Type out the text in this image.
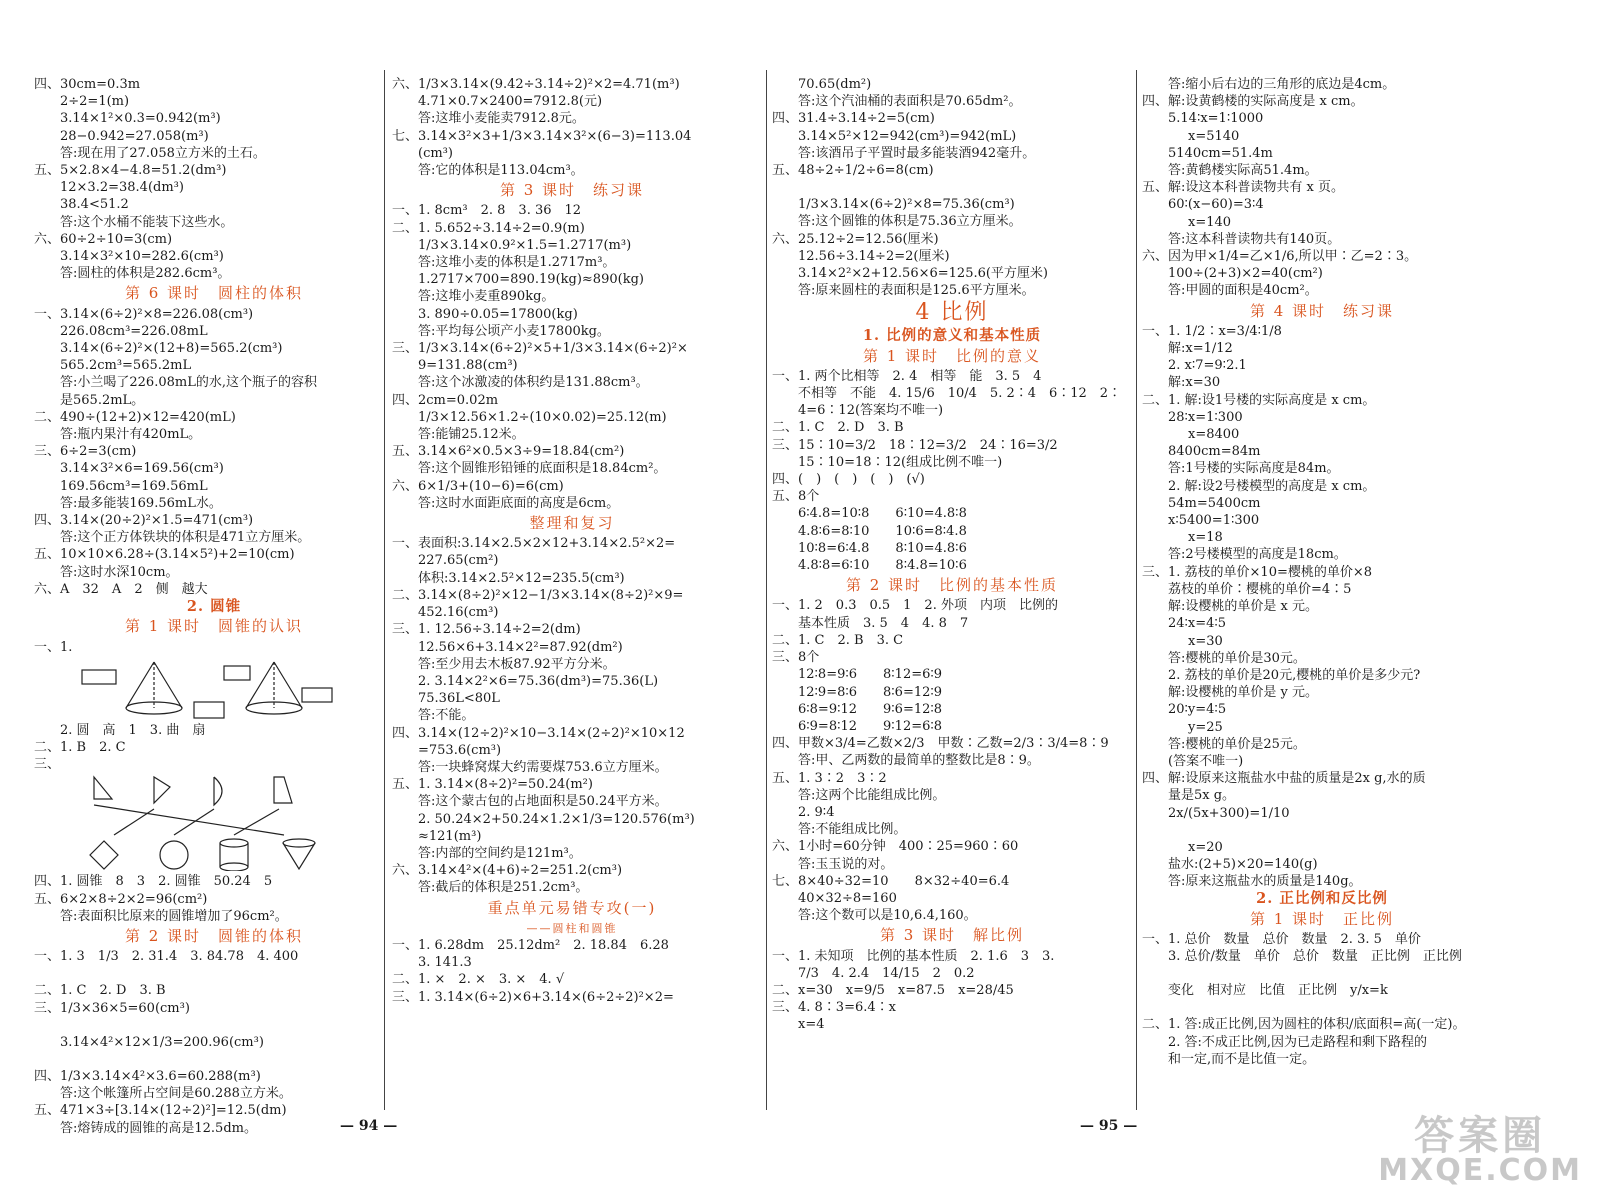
四、30cm=0.3m
2÷2=1(m)
3.14×1²×0.3=0.942(m³)
28−0.942=27.058(m³)
答:现在用了27.058立方米的土石。
五、5×2.8×4−4.8=51.2(dm³)
12×3.2=38.4(dm³)
38.4<51.2
答:这个水桶不能装下这些水。
六、60÷2÷10=3(cm)
3.14×3²×10=282.6(cm³)
答:圆柱的体积是282.6cm³。
第 6 课时　圆柱的体积
一、3.14×(6÷2)²×8=226.08(cm³)
226.08cm³=226.08mL
3.14×(6÷2)²×(12+8)=565.2(cm³)
565.2cm³=565.2mL
答:小兰喝了226.08mL的水,这个瓶子的容积
是565.2mL。
二、490÷(12+2)×12=420(mL)
答:瓶内果汁有420mL。
三、6÷2=3(cm)
3.14×3²×6=169.56(cm³)
169.56cm³=169.56mL
答:最多能装169.56mL水。
四、3.14×(20÷2)²×1.5=471(cm³)
答:这个正方体铁块的体积是471立方厘米。
五、10×10×6.28÷(3.14×5²)+2=10(cm)
答:这时水深10cm。
六、A　32　A　2　侧　越大
2. 圆锥
第 1 课时　圆锥的认识
一、1.
2. 圆　高　1　3. 曲　扇
二、1. B　2. C
三、
四、1. 圆锥　8　3　2. 圆锥　50.24　5
五、6×2×8÷2×2=96(cm²)
答:表面积比原来的圆锥增加了96cm²。
第 2 课时　圆锥的体积
一、1. 3　1/3　2. 31.4　3. 84.78　4. 400
二、1. C　2. D　3. B
三、1/3×36×5=60(cm³)
3.14×4²×12×1/3=200.96(cm³)
四、1/3×3.14×4²×3.6=60.288(m³)
答:这个帐篷所占空间是60.288立方米。
五、471×3÷[3.14×(12÷2)²]=12.5(dm)
答:熔铸成的圆锥的高是12.5dm。
六、1/3×3.14×(9.42÷3.14÷2)²×2=4.71(m³)
4.71×0.7×2400=7912.8(元)
答:这堆小麦能卖7912.8元。
七、3.14×3²×3+1/3×3.14×3²×(6−3)=113.04
(cm³)
答:它的体积是113.04cm³。
第 3 课时　练习课
一、1. 8cm³　2. 8　3. 36　12
二、1. 5.652÷3.14÷2=0.9(m)
1/3×3.14×0.9²×1.5=1.2717(m³)
答:这堆小麦的体积是1.2717m³。
1.2717×700=890.19(kg)≈890(kg)
答:这堆小麦重890kg。
3. 890÷0.05=17800(kg)
答:平均每公顷产小麦17800kg。
三、1/3×3.14×(6÷2)²×5+1/3×3.14×(6÷2)²×
9=131.88(cm³)
答:这个冰激凌的体积约是131.88cm³。
四、2cm=0.02m
1/3×12.56×1.2÷(10×0.02)=25.12(m)
答:能铺25.12米。
五、3.14×6²×0.5×3÷9=18.84(cm²)
答:这个圆锥形铅锤的底面积是18.84cm²。
六、6×1/3+(10−6)=6(cm)
答:这时水面距底面的高度是6cm。
整理和复习
一、表面积:3.14×2.5×2×12+3.14×2.5²×2=
227.65(cm²)
体积:3.14×2.5²×12=235.5(cm³)
二、3.14×(8÷2)²×12−1/3×3.14×(8÷2)²×9=
452.16(cm³)
三、1. 12.56÷3.14÷2=2(dm)
12.56×6+3.14×2²=87.92(dm²)
答:至少用去木板87.92平方分米。
2. 3.14×2²×6=75.36(dm³)=75.36(L)
75.36L<80L
答:不能。
四、3.14×(12÷2)²×10−3.14×(2÷2)²×10×12
=753.6(cm³)
答:一块蜂窝煤大约需要煤753.6立方厘米。
五、1. 3.14×(8÷2)²=50.24(m²)
答:这个蒙古包的占地面积是50.24平方米。
2. 50.24×2+50.24×1.2×1/3=120.576(m³)
≈121(m³)
答:内部的空间约是121m³。
六、3.14×4²×(4+6)÷2=251.2(cm³)
答:截后的体积是251.2cm³。
重点单元易错专攻(一)
——圆柱和圆锥
一、1. 6.28dm　25.12dm²　2. 18.84　6.28
3. 141.3
二、1. ×　2. ×　3. ×　4. √
三、1. 3.14×(6÷2)×6+3.14×(6÷2÷2)²×2=
70.65(dm²)
答:这个汽油桶的表面积是70.65dm²。
四、31.4÷3.14÷2=5(cm)
3.14×5²×12=942(cm³)=942(mL)
答:该酒吊子平置时最多能装酒942毫升。
五、48÷2÷1/2÷6=8(cm)
1/3×3.14×(6÷2)²×8=75.36(cm³)
答:这个圆锥的体积是75.36立方厘米。
六、25.12÷2=12.56(厘米)
12.56÷3.14÷2=2(厘米)
3.14×2²×2+12.56×6=125.6(平方厘米)
答:原来圆柱的表面积是125.6平方厘米。
4 比例
1. 比例的意义和基本性质
第 1 课时　比例的意义
一、1. 两个比相等　2. 4　相等　能　3. 5　4
不相等　不能　4. 15/6　10/4　5. 2∶4　6∶12　2∶
4=6∶12(答案均不唯一)
二、1. C　2. D　3. B
三、15∶10=3/2　18∶12=3/2　24∶16=3/2
15∶10=18∶12(组成比例不唯一)
四、(　)　(　)　(　)　(√)
五、8个
6∶4.8=10∶8　　6∶10=4.8∶8
4.8∶6=8∶10　　10∶6=8∶4.8
10∶8=6∶4.8　　8∶10=4.8∶6
4.8∶8=6∶10　　8∶4.8=10∶6
第 2 课时　比例的基本性质
一、1. 2　0.3　0.5　1　2. 外项　内项　比例的
基本性质　3. 5　4　4. 8　7
二、1. C　2. B　3. C
三、8个
12∶8=9∶6　　8∶12=6∶9
12∶9=8∶6　　8∶6=12∶9
6∶8=9∶12　　9∶6=12∶8
6∶9=8∶12　　9∶12=6∶8
四、甲数×3/4=乙数×2/3　甲数∶乙数=2/3∶3/4=8∶9
答:甲、乙两数的最简单的整数比是8∶9。
五、1. 3∶2　3∶2
答:这两个比能组成比例。
2. 9∶4
答:不能组成比例。
六、1小时=60分钟　400∶25=960∶60
答:玉玉说的对。
七、8×40÷32=10　　8×32÷40=6.4
40×32÷8=160
答:这个数可以是10,6.4,160。
第 3 课时　解比例
一、1. 未知项　比例的基本性质　2. 1.6　3　3.
7/3　4. 2.4　14/15　2　0.2
二、x=30　x=9/5　x=87.5　x=28/45
三、4. 8∶3=6.4∶x
x=4
答:缩小后右边的三角形的底边是4cm。
四、解:设黄鹤楼的实际高度是 x cm。
5.14∶x=1∶1000
x=5140
5140cm=51.4m
答:黄鹤楼实际高51.4m。
五、解:设这本科普读物共有 x 页。
60∶(x−60)=3∶4
x=140
答:这本科普读物共有140页。
六、因为甲×1/4=乙×1/6,所以甲∶乙=2∶3。
100÷(2+3)×2=40(cm²)
答:甲圆的面积是40cm²。
第 4 课时　练习课
一、1. 1/2∶x=3/4∶1/8
解:x=1/12
2. x∶7=9∶2.1
解:x=30
二、1. 解:设1号楼的实际高度是 x cm。
28∶x=1∶300
x=8400
8400cm=84m
答:1号楼的实际高度是84m。
2. 解:设2号楼模型的高度是 x cm。
54m=5400cm
x∶5400=1∶300
x=18
答:2号楼模型的高度是18cm。
三、1. 荔枝的单价×10=樱桃的单价×8
荔枝的单价∶樱桃的单价=4∶5
解:设樱桃的单价是 x 元。
24∶x=4∶5
x=30
答:樱桃的单价是30元。
2. 荔枝的单价是20元,樱桃的单价是多少元?
解:设樱桃的单价是 y 元。
20∶y=4∶5
y=25
答:樱桃的单价是25元。
(答案不唯一)
四、解:设原来这瓶盐水中盐的质量是2x g,水的质
量是5x g。
2x/(5x+300)=1/10
x=20
盐水:(2+5)×20=140(g)
答:原来这瓶盐水的质量是140g。
2. 正比例和反比例
第 1 课时　正比例
一、1. 总价　数量　总价　数量　2. 3. 5　单价
3. 总价/数量　单价　总价　数量　正比例　正比例
变化　相对应　比值　正比例　y/x=k
二、1. 答:成正比例,因为圆柱的体积/底面积=高(一定)。
2. 答:不成正比例,因为已走路程和剩下路程的
和一定,而不是比值一定。
— 94 —	— 95 —	答案圈
MXQE.COM
